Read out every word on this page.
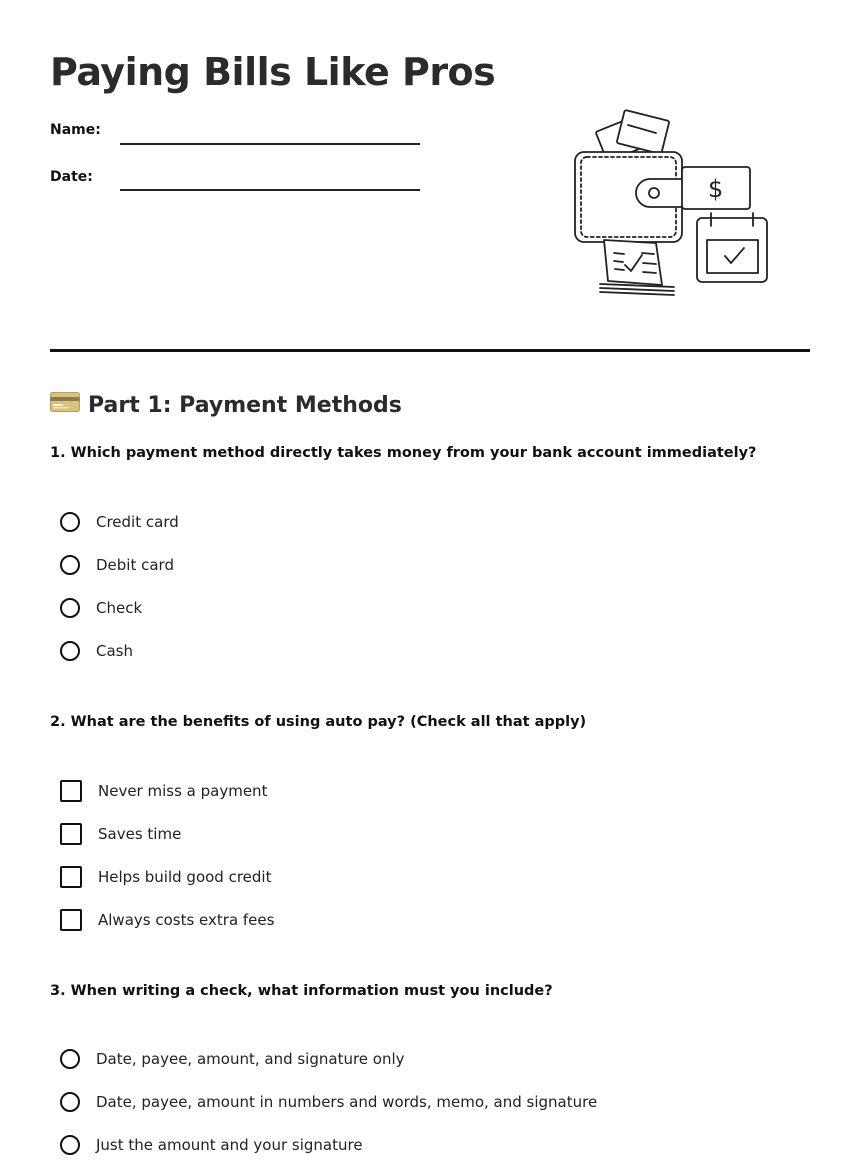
Paying Bills Like Pros
Name:
Date:	$
Part 1: Payment Methods
1. Which payment method directly takes money from your bank account immediately?
Credit card
Debit card
Check
Cash
2. What are the benefits of using auto pay? (Check all that apply)
Never miss a payment
Saves time
Helps build good credit
Always costs extra fees
3. When writing a check, what information must you include?
Date, payee, amount, and signature only
Date, payee, amount in numbers and words, memo, and signature
Just the amount and your signature
